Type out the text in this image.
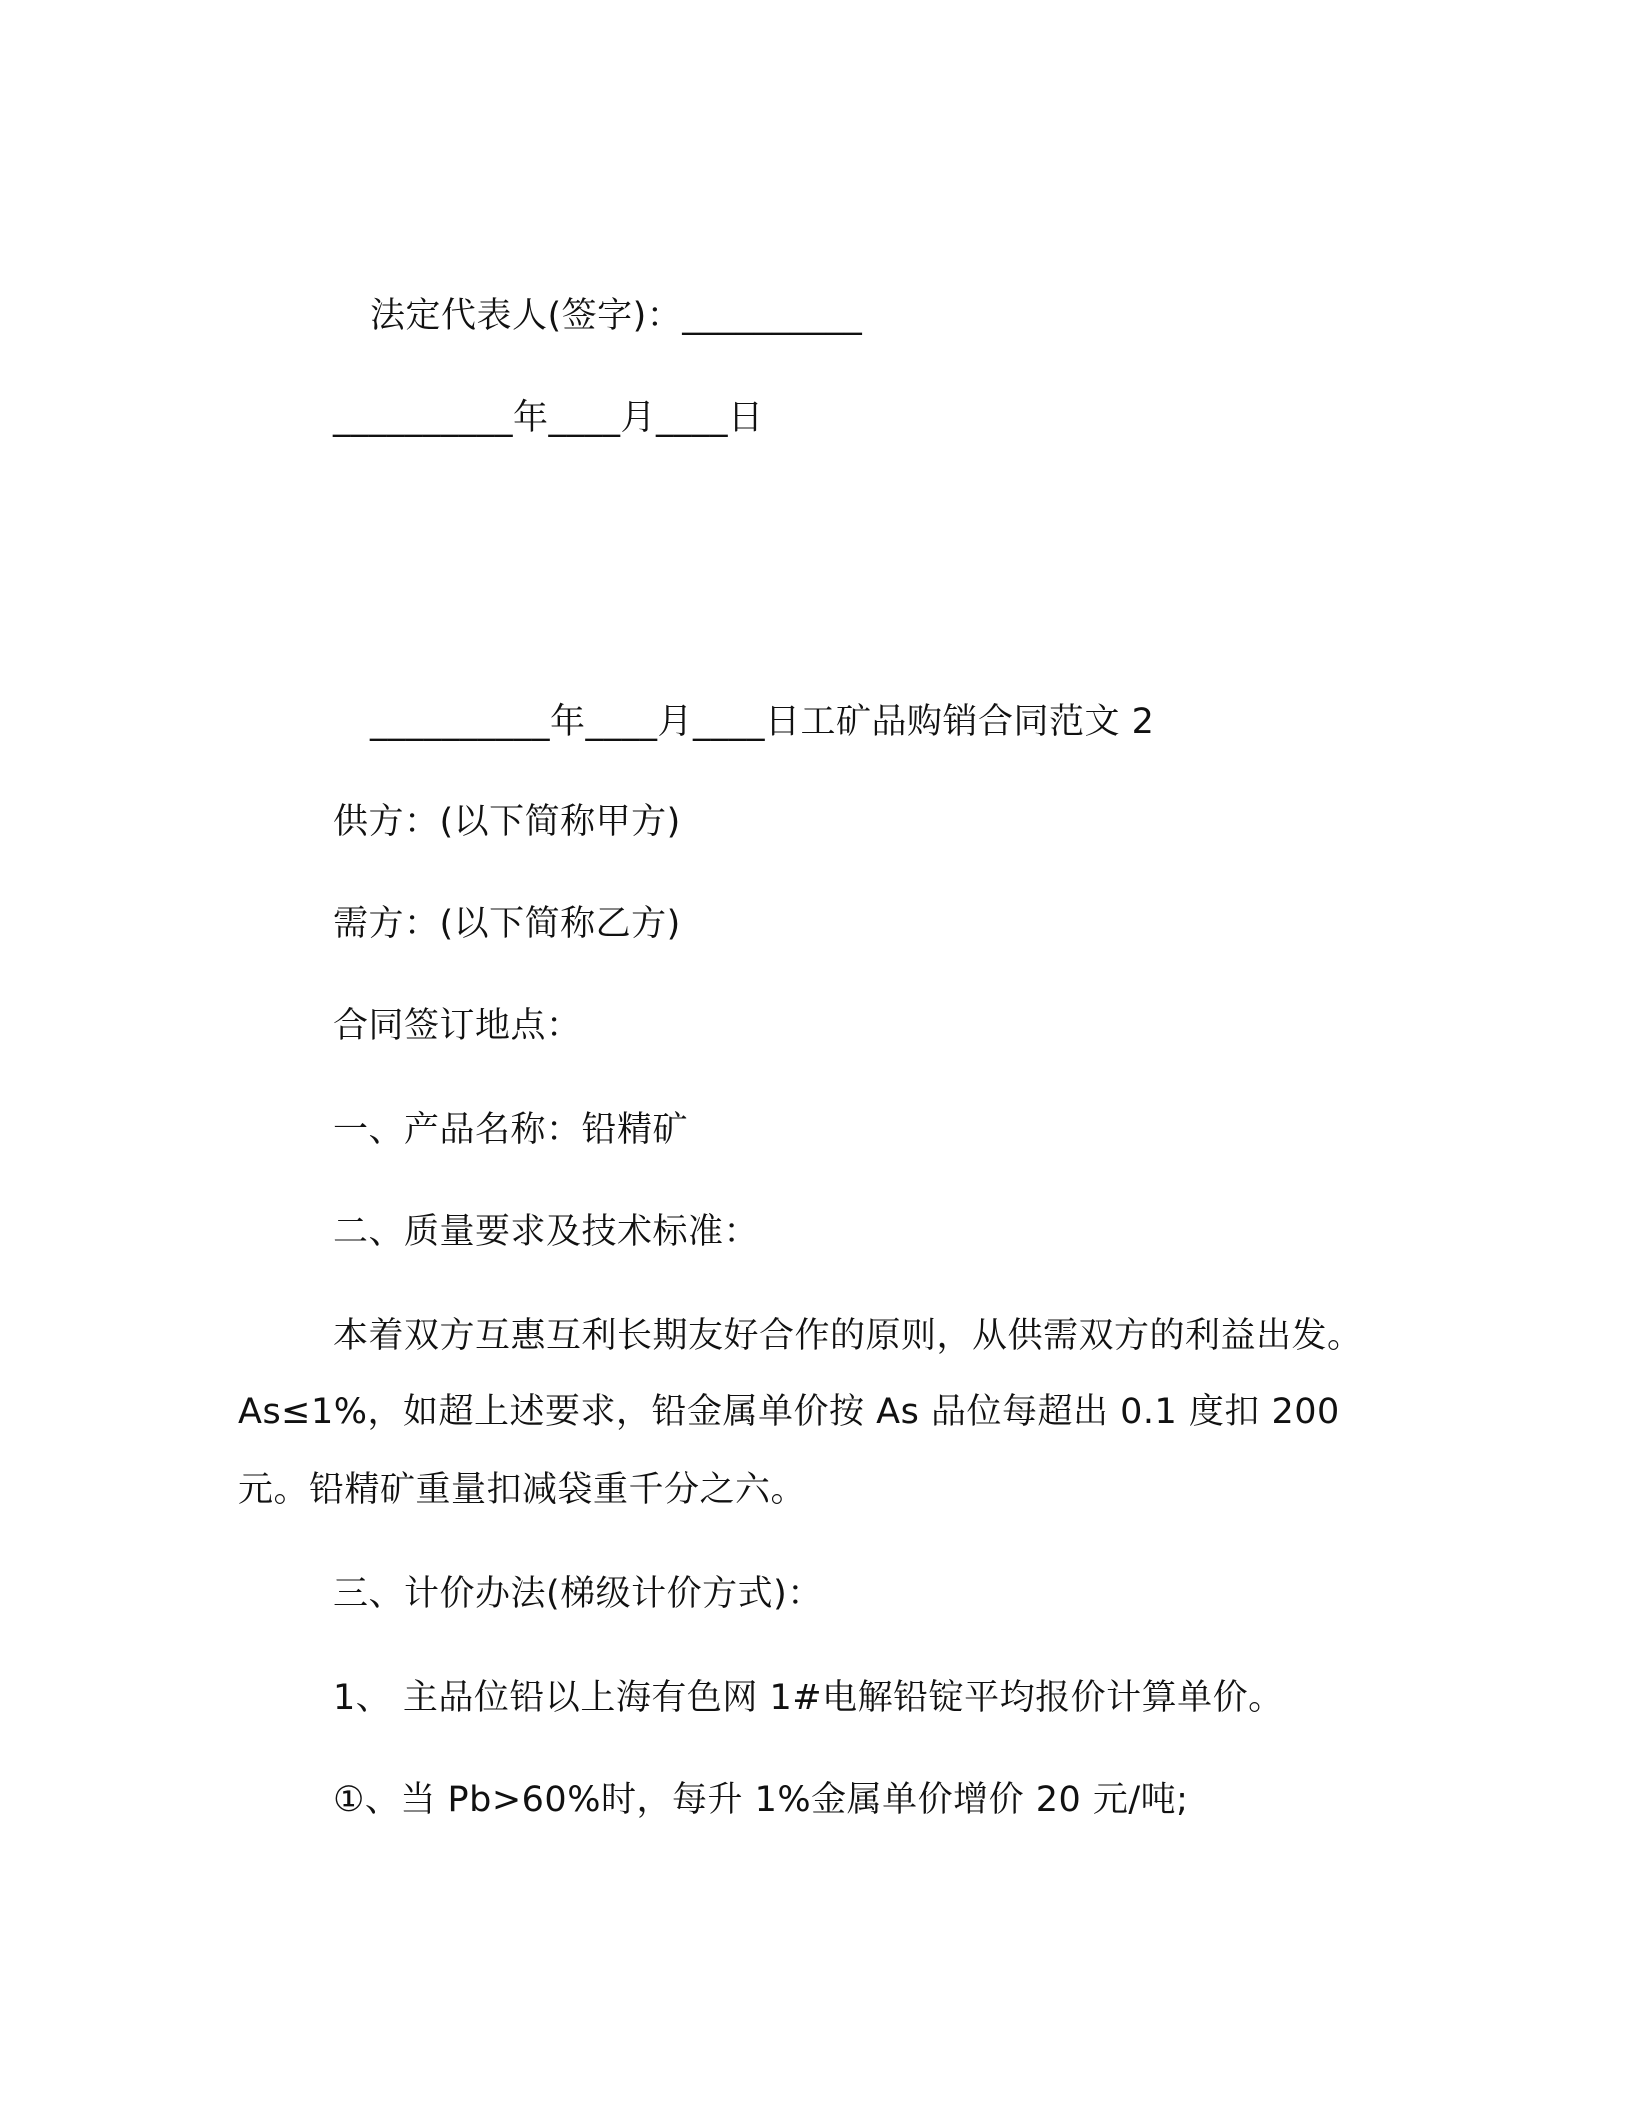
法定代表人(签字)：__________
__________年____月____日
__________年____月____日工矿品购销合同范文 2
供方：(以下简称甲方)
需方：(以下简称乙方)
合同签订地点：
一、产品名称：铅精矿
二、质量要求及技术标准：
本着双方互惠互利长期友好合作的原则，从供需双方的利益出发。
As≤1%，如超上述要求，铅金属单价按 As 品位每超出 0.1 度扣 200
元。铅精矿重量扣减袋重千分之六。
三、计价办法(梯级计价方式)：
1、 主品位铅以上海有色网 1#电解铅锭平均报价计算单价。
①、当 Pb>60%时，每升 1%金属单价增价 20 元/吨;
